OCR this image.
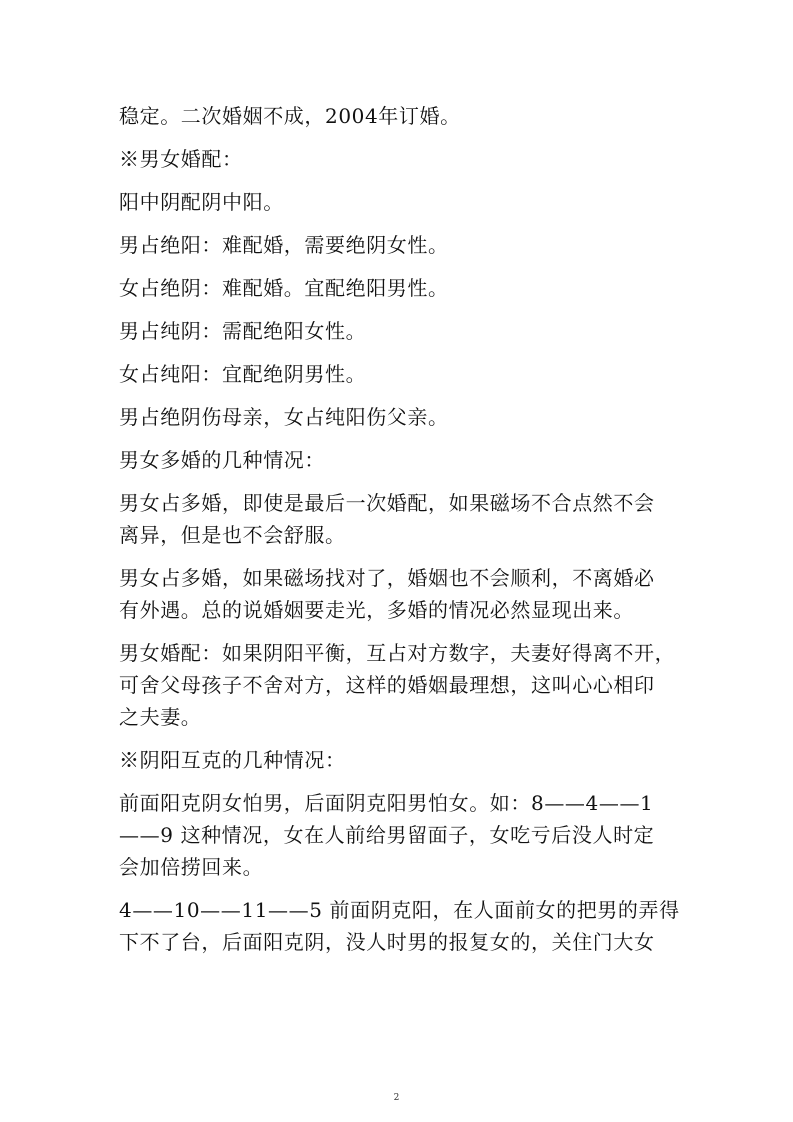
稳定。二次婚姻不成，2004年订婚。
※男女婚配：
阳中阴配阴中阳。
男占绝阳：难配婚，需要绝阴女性。
女占绝阴：难配婚。宜配绝阳男性。
男占纯阴：需配绝阳女性。
女占纯阳：宜配绝阴男性。
男占绝阴伤母亲，女占纯阳伤父亲。
男女多婚的几种情况：
男女占多婚，即使是最后一次婚配，如果磁场不合点然不会
离异，但是也不会舒服。
男女占多婚，如果磁场找对了，婚姻也不会顺利，不离婚必
有外遇。总的说婚姻要走光，多婚的情况必然显现出来。
男女婚配：如果阴阳平衡，互占对方数字，夫妻好得离不开，
可舍父母孩子不舍对方，这样的婚姻最理想，这叫心心相印
之夫妻。
※阴阳互克的几种情况：
前面阳克阴女怕男，后面阴克阳男怕女。如：8——4——1
——9 这种情况，女在人前给男留面子，女吃亏后没人时定
会加倍捞回来。
4——10——11——5 前面阴克阳，在人面前女的把男的弄得
下不了台，后面阳克阴，没人时男的报复女的，关住门大女
2
